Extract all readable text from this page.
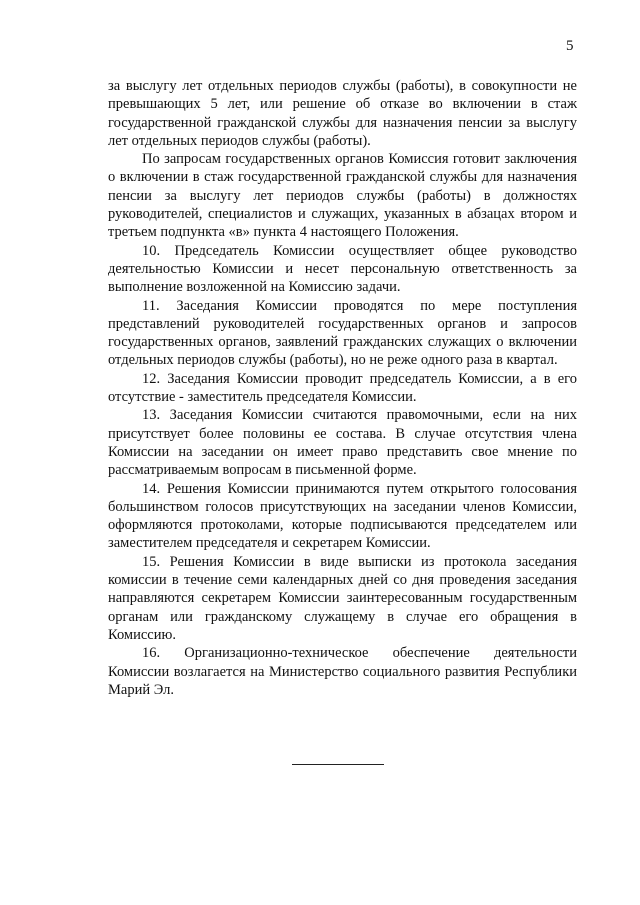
5

за выслугу лет отдельных периодов службы (работы), в совокупности не превышающих 5 лет, или решение об отказе во включении в стаж государственной гражданской службы для назначения пенсии за выслугу лет отдельных периодов службы (работы).

По запросам государственных органов Комиссия готовит заключения о включении в стаж государственной гражданской службы для назначения пенсии за выслугу лет периодов службы (работы) в должностях руководителей, специалистов и служащих, указанных в абзацах втором и третьем подпункта «в» пункта 4 настоящего Положения.

10. Председатель Комиссии осуществляет общее руководство деятельностью Комиссии и несет персональную ответственность за выполнение возложенной на Комиссию задачи.

11. Заседания Комиссии проводятся по мере поступления представлений руководителей государственных органов и запросов государственных органов, заявлений гражданских служащих о включении отдельных периодов службы (работы), но не реже одного раза в квартал.

12. Заседания Комиссии проводит председатель Комиссии, а в его отсутствие - заместитель председателя Комиссии.

13. Заседания Комиссии считаются правомочными, если на них присутствует более половины ее состава. В случае отсутствия члена Комиссии на заседании он имеет право представить свое мнение по рассматриваемым вопросам в письменной форме.

14. Решения Комиссии принимаются путем открытого голосования большинством голосов присутствующих на заседании членов Комиссии, оформляются протоколами, которые подписываются председателем или заместителем председателя и секретарем Комиссии.

15. Решения Комиссии в виде выписки из протокола заседания комиссии в течение семи календарных дней со дня проведения заседания направляются секретарем Комиссии заинтересованным государственным органам или гражданскому служащему в случае его обращения в Комиссию.

16. Организационно-техническое обеспечение деятельности Комиссии возлагается на Министерство социального развития Республики Марий Эл.
